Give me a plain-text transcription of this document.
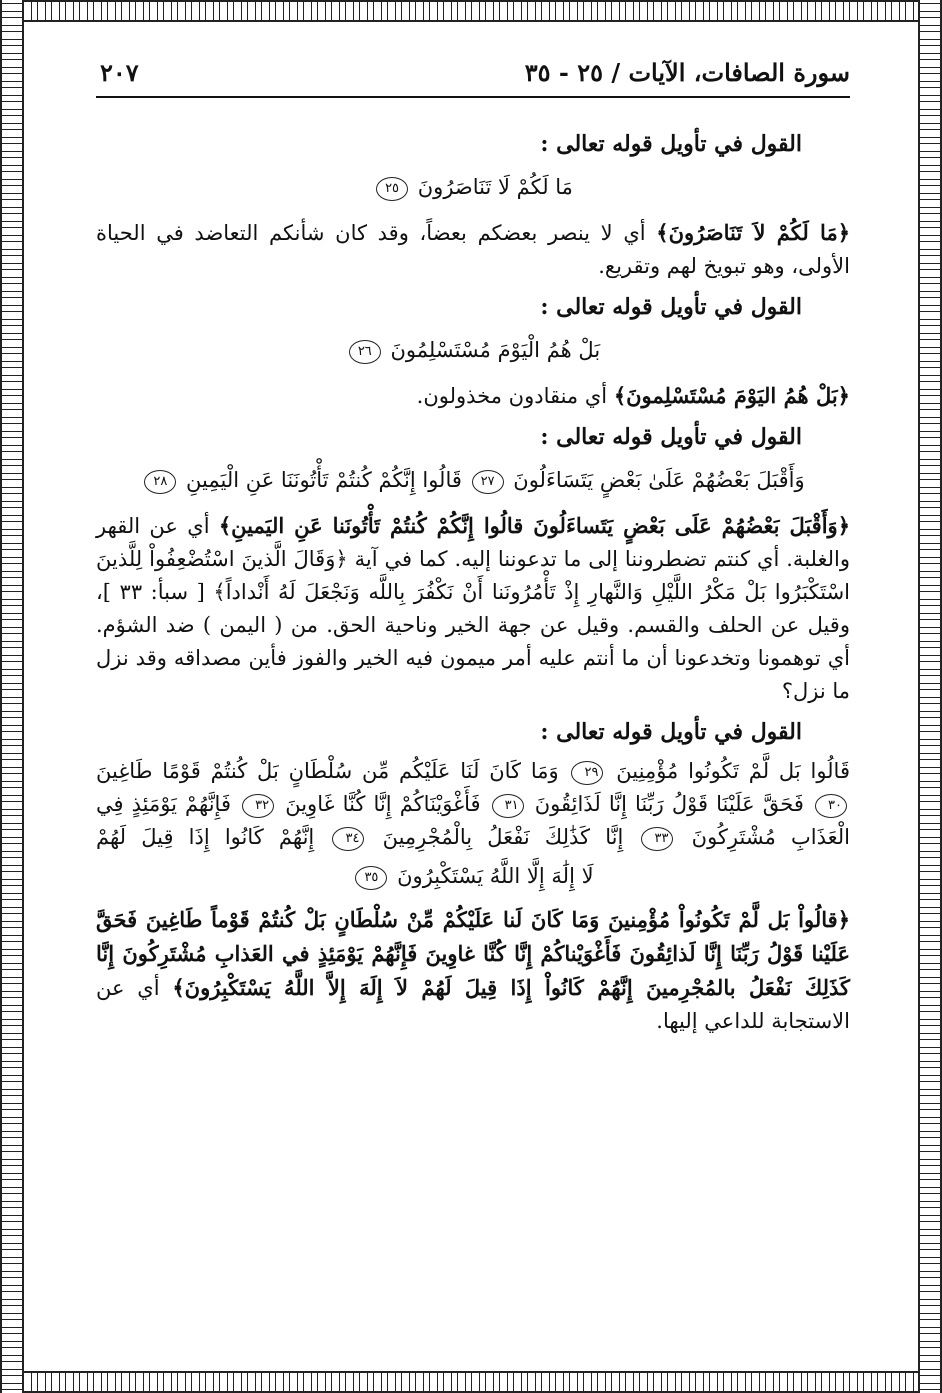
سورة الصافات، الآيات / ٢٥ - ٣٥
٢٠٧

القول في تأويل قوله تعالى :

مَا لَكُمْ لَا تَنَاصَرُونَ ٢٥

﴿مَا لَكُمْ لاَ تَنَاصَرُونَ﴾ أي لا ينصر بعضكم بعضاً، وقد كان شأنكم التعاضد في الحياة الأولى، وهو تبويخ لهم وتقريع.

القول في تأويل قوله تعالى :

بَلْ هُمُ الْيَوْمَ مُسْتَسْلِمُونَ ٢٦

﴿بَلْ هُمُ اليَوْمَ مُسْتَسْلِمونَ﴾ أي منقادون مخذولون.

القول في تأويل قوله تعالى :

وَأَقْبَلَ بَعْضُهُمْ عَلَىٰ بَعْضٍ يَتَسَاءَلُونَ ٢٧ قَالُوا إِنَّكُمْ كُنتُمْ تَأْتُونَنَا عَنِ الْيَمِينِ ٢٨

﴿وَأَقْبَلَ بَعْضُهُمْ عَلَى بَعْضٍ يَتَساءَلُونَ قالُوا إِنَّكُمْ كُنتُمْ تَأْتُونَنا عَنِ اليَمينِ﴾ أي عن القهر والغلبة. أي كنتم تضطروننا إلى ما تدعوننا إليه. كما في آية ﴿وَقَالَ الَّذينَ اسْتُضْعِفُواْ لِلَّذينَ اسْتَكْبَرُوا بَلْ مَكْرُ اللَّيْلِ وَالنَّهارِ إِذْ تَأْمُرُونَنا أَنْ نَكْفُرَ بِاللَّه وَنَجْعَلَ لَهُ أَنْداداً﴾ [ سبأ: ٣٣ ]، وقيل عن الحلف والقسم. وقيل عن جهة الخير وناحية الحق. من ( اليمن ) ضد الشؤم. أي توهمونا وتخدعونا أن ما أنتم عليه أمر ميمون فيه الخير والفوز فأين مصداقه وقد نزل ما نزل؟

القول في تأويل قوله تعالى :

قَالُوا بَل لَّمْ تَكُونُوا مُؤْمِنِينَ ٢٩ وَمَا كَانَ لَنَا عَلَيْكُم مِّن سُلْطَانٍ بَلْ كُنتُمْ قَوْمًا طَاغِينَ

٣٠ فَحَقَّ عَلَيْنَا قَوْلُ رَبِّنَا إِنَّا لَذَائِقُونَ ٣١ فَأَغْوَيْنَاكُمْ إِنَّا كُنَّا غَاوِينَ ٣٢ فَإِنَّهُمْ يَوْمَئِذٍ فِي

الْعَذَابِ مُشْتَرِكُونَ ٣٣ إِنَّا كَذَٰلِكَ نَفْعَلُ بِالْمُجْرِمِينَ ٣٤ إِنَّهُمْ كَانُوا إِذَا قِيلَ لَهُمْ

لَا إِلَٰهَ إِلَّا اللَّهُ يَسْتَكْبِرُونَ ٣٥

﴿قالُواْ بَل لَّمْ تَكُونُواْ مُؤْمِنينَ وَمَا كَانَ لَنا عَلَيْكُمْ مِّنْ سُلْطَانٍ بَلْ كُنتُمْ قَوْماً طَاغِينَ فَحَقَّ عَلَيْنا قَوْلُ رَبِّنَا إِنَّا لَذائِقُونَ فَأَغْوَيْناكُمْ إِنَّا كُنَّا غاوِينَ فَإِنَّهُمْ يَوْمَئِذٍ في العَذابِ مُشْتَرِكُونَ إِنَّا كَذَلِكَ نَفْعَلُ بالمُجْرِمينَ إِنَّهُمْ كَانُواْ إِذَا قِيلَ لَهُمْ لاَ إِلَهَ إِلاَّ اللَّهُ يَسْتَكْبِرُونَ﴾ أي عن الاستجابة للداعي إليها.
